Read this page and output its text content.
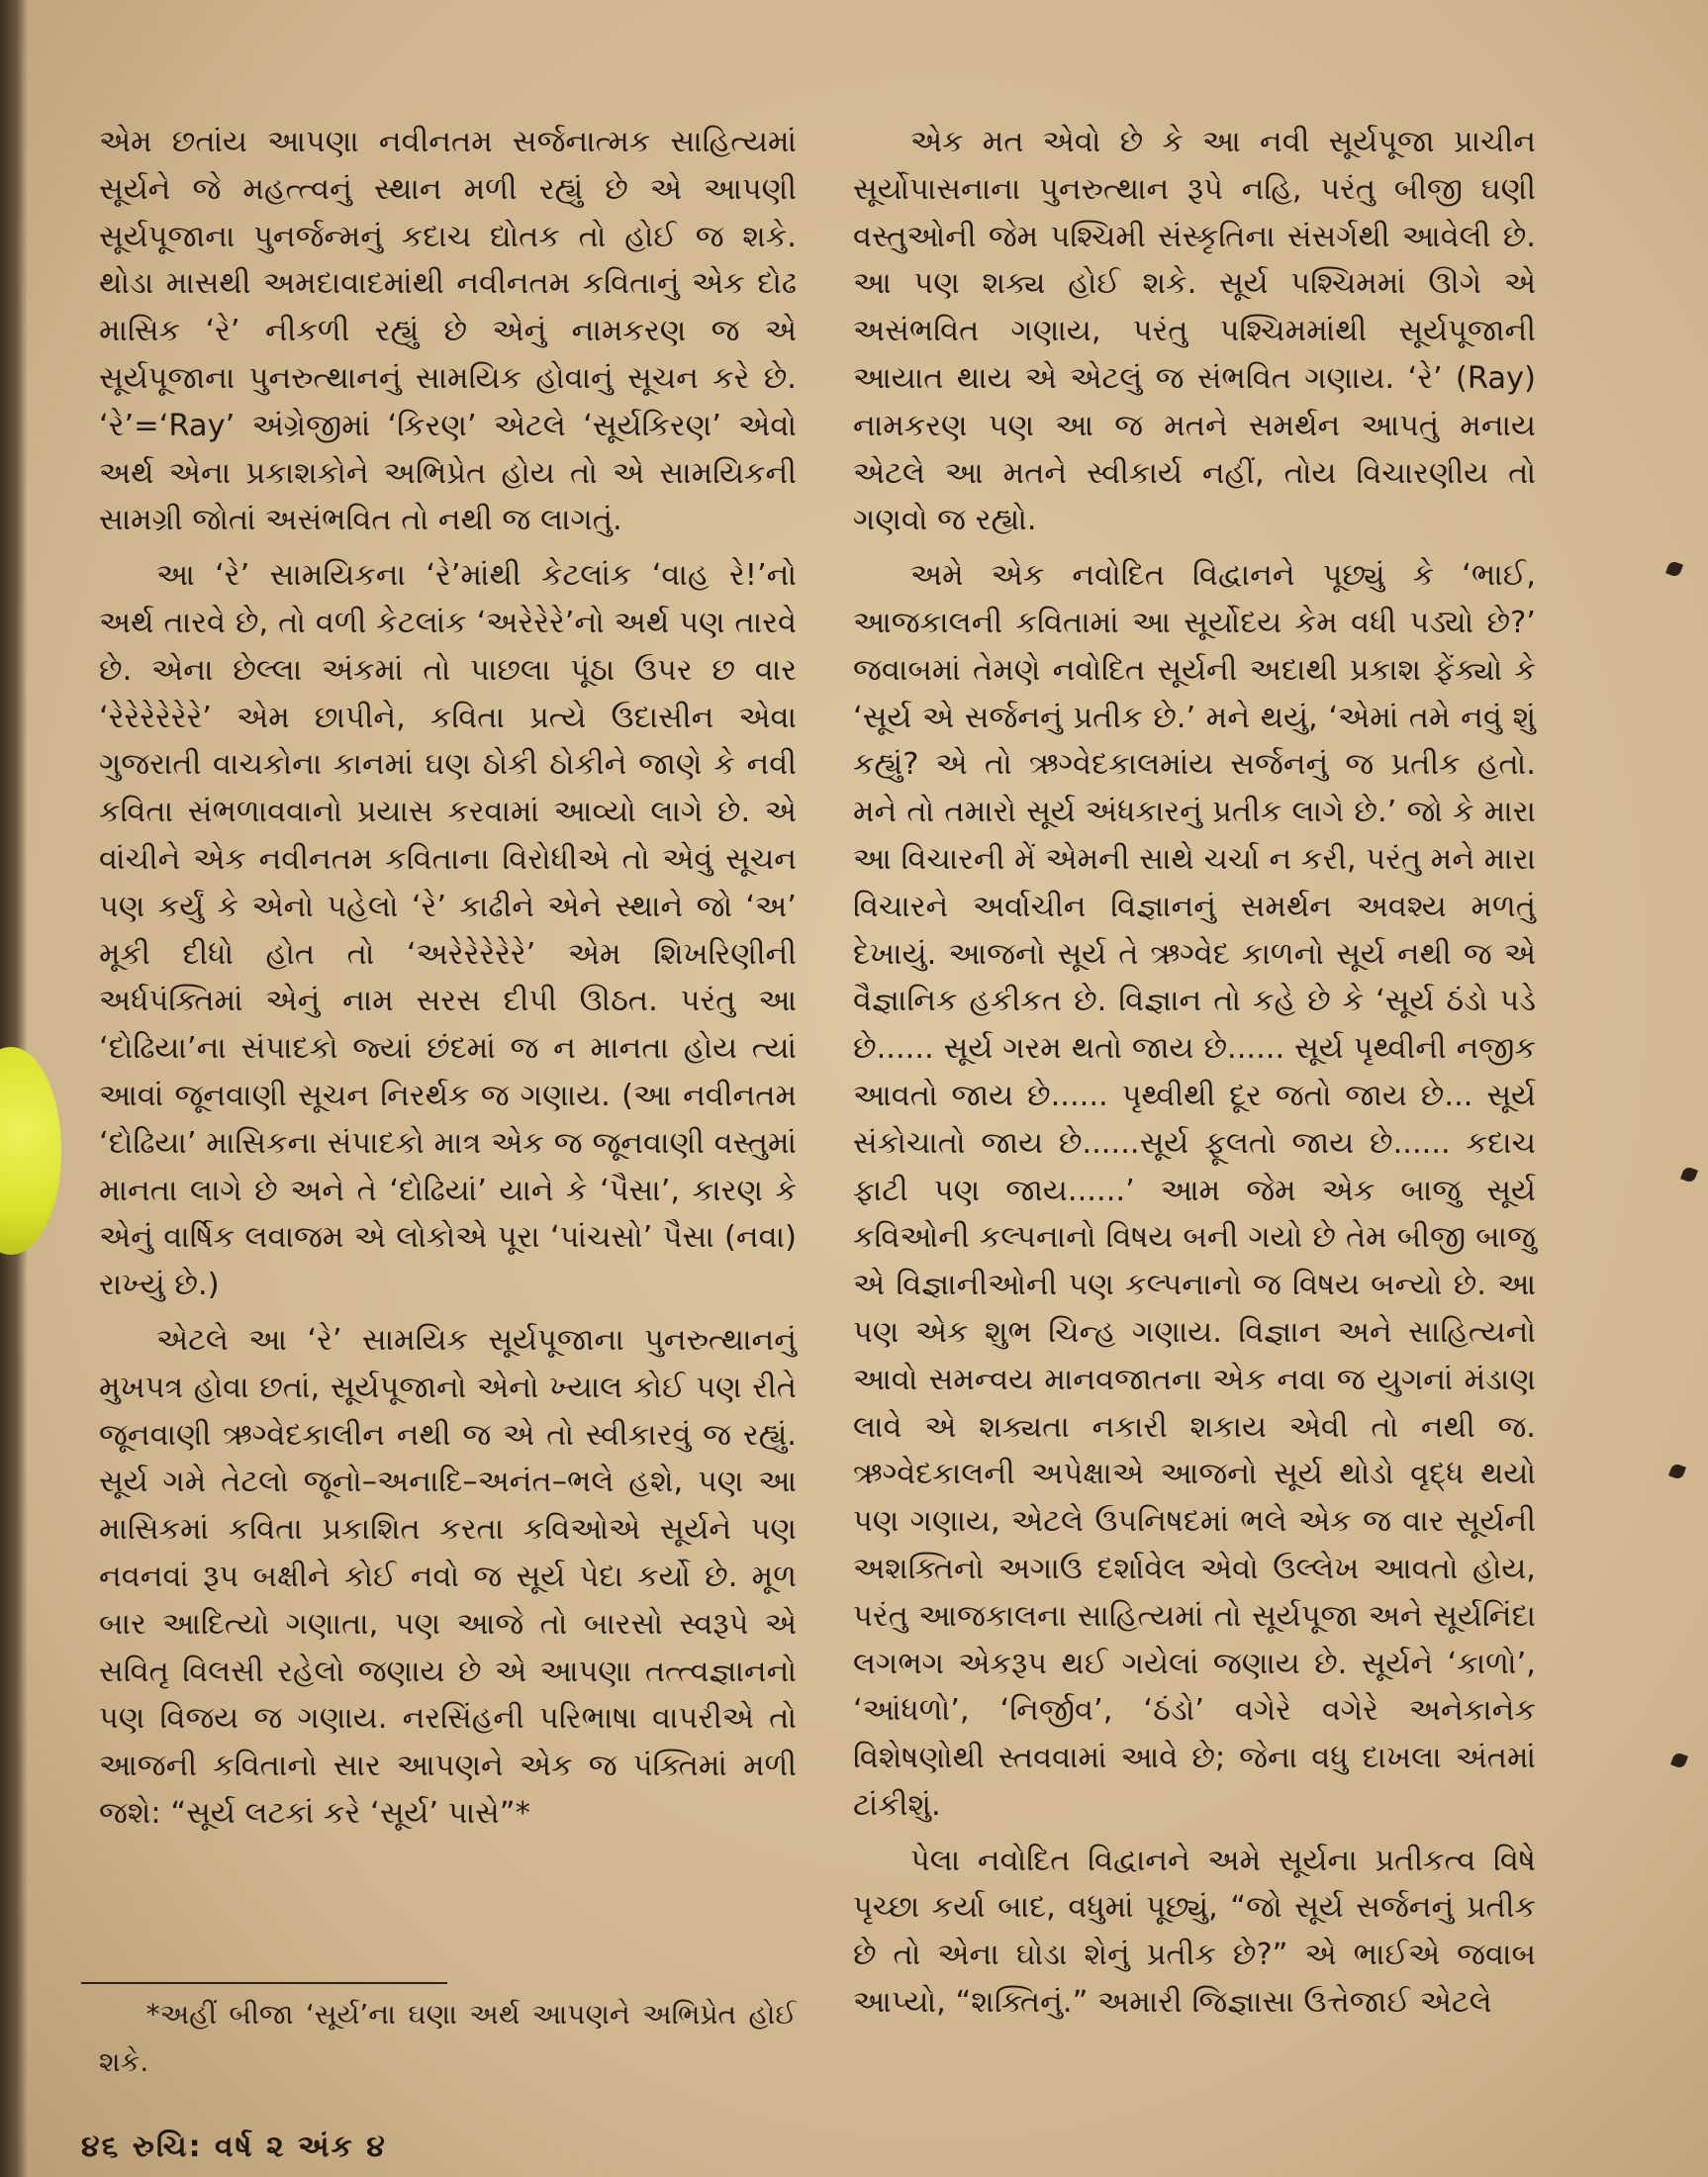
એમ છતાંય આપણા નવીનતમ સર્જનાત્મક સાહિત્યમાં સૂર્યને જે મહત્ત્વનું સ્થાન મળી રહ્યું છે એ આપણી સૂર્યપૂજાના પુનર્જન્મનું કદાચ દ્યોતક તો હોઈ જ શકે. થોડા માસથી અમદાવાદમાંથી નવીનતમ કવિતાનું એક દોઢ માસિક ‘રે’ નીકળી રહ્યું છે એનું નામકરણ જ એ સૂર્યપૂજાના પુનરુત્થાનનું સામયિક હોવાનું સૂચન કરે છે. ‘રે’=‘Ray’ અંગ્રેજીમાં ‘કિરણ’ એટલે ‘સૂર્યકિરણ’ એવો અર્થ એના પ્રકાશકોને અભિપ્રેત હોય તો એ સામયિકની સામગ્રી જોતાં અસંભવિત તો નથી જ લાગતું.

આ ‘રે’ સામયિકના ‘રે’માંથી કેટલાંક ‘વાહ રે!’નો અર્થ તારવે છે, તો વળી કેટલાંક ‘અરેરેરે’નો અર્થ પણ તારવે છે. એના છેલ્લા અંકમાં તો પાછલા પૂંઠા ઉપર છ વાર ‘રેરેરેરેરેરે’ એમ છાપીને, કવિતા પ્રત્યે ઉદાસીન એવા ગુજરાતી વાચકોના કાનમાં ઘણ ઠોકી ઠોકીને જાણે કે નવી કવિતા સંભળાવવાનો પ્રયાસ કરવામાં આવ્યો લાગે છે. એ વાંચીને એક નવીનતમ કવિતાના વિરોધીએ તો એવું સૂચન પણ કર્યું કે એનો પહેલો ‘રે’ કાઢીને એને સ્થાને જો ‘અ’ મૂકી દીધો હોત તો ‘અરેરેરેરેરે’ એમ શિખરિણીની અર્ધપંક્તિમાં એનું નામ સરસ દીપી ઊઠત. પરંતુ આ ‘દોઢિયા’ના સંપાદકો જ્યાં છંદમાં જ ન માનતા હોય ત્યાં આવાં જૂનવાણી સૂચન નિરર્થક જ ગણાય. (આ નવીનતમ ‘દોઢિયા’ માસિકના સંપાદકો માત્ર એક જ જૂનવાણી વસ્તુમાં માનતા લાગે છે અને તે ‘દોઢિયાં’ યાને કે ‘પૈસા’, કારણ કે એનું વાર્ષિક લવાજમ એ લોકોએ પૂરા ‘પાંચસો’ પૈસા (નવા) રાખ્યું છે.)

એટલે આ ‘રે’ સામયિક સૂર્યપૂજાના પુનરુત્થાનનું મુખપત્ર હોવા છતાં, સૂર્યપૂજાનો એનો ખ્યાલ કોઈ પણ રીતે જૂનવાણી ઋગ્વેદકાલીન નથી જ એ તો સ્વીકારવું જ રહ્યું. સૂર્ય ગમે તેટલો જૂનો–અનાદિ–અનંત–ભલે હશે, પણ આ માસિકમાં કવિતા પ્રકાશિત કરતા કવિઓએ સૂર્યને પણ નવનવાં રૂપ બક્ષીને કોઈ નવો જ સૂર્ય પેદા કર્યો છે. મૂળ બાર આદિત્યો ગણાતા, પણ આજે તો બારસો સ્વરૂપે એ સવિતૃ વિલસી રહેલો જણાય છે એ આપણા તત્ત્વજ્ઞાનનો પણ વિજય જ ગણાય. નરસિંહની પરિભાષા વાપરીએ તો આજની કવિતાનો સાર આપણને એક જ પંક્તિમાં મળી જશે: “સૂર્ય લટકાં કરે ‘સૂર્ય’ પાસે”*

એક મત એવો છે કે આ નવી સૂર્યપૂજા પ્રાચીન સૂર્યોપાસનાના પુનરુત્થાન રૂપે નહિ, પરંતુ બીજી ઘણી વસ્તુઓની જેમ પશ્ચિમી સંસ્કૃતિના સંસર્ગથી આવેલી છે. આ પણ શક્ય હોઈ શકે. સૂર્ય પશ્ચિમમાં ઊગે એ અસંભવિત ગણાય, પરંતુ પશ્ચિમમાંથી સૂર્યપૂજાની આયાત થાય એ એટલું જ સંભવિત ગણાય. ‘રે’ (Ray) નામકરણ પણ આ જ મતને સમર્થન આપતું મનાય એટલે આ મતને સ્વીકાર્ય નહીં, તોય વિચારણીય તો ગણવો જ રહ્યો.

અમે એક નવોદિત વિદ્વાનને પૂછ્યું કે ‘ભાઈ, આજકાલની કવિતામાં આ સૂર્યોદય કેમ વધી પડ્યો છે?’ જવાબમાં તેમણે નવોદિત સૂર્યની અદાથી પ્રકાશ ફેંક્યો કે ‘સૂર્ય એ સર્જનનું પ્રતીક છે.’ મને થયું, ‘એમાં તમે નવું શું કહ્યું? એ તો ઋગ્વેદકાલમાંય સર્જનનું જ પ્રતીક હતો. મને તો તમારો સૂર્ય અંધકારનું પ્રતીક લાગે છે.’ જો કે મારા આ વિચારની મેં એમની સાથે ચર્ચા ન કરી, પરંતુ મને મારા વિચારને અર્વાચીન વિજ્ઞાનનું સમર્થન અવશ્ય મળતું દેખાયું. આજનો સૂર્ય તે ઋગ્વેદ કાળનો સૂર્ય નથી જ એ વૈજ્ઞાનિક હકીકત છે. વિજ્ઞાન તો કહે છે કે ‘સૂર્ય ઠંડો પડે છે...... સૂર્ય ગરમ થતો જાય છે...... સૂર્ય પૃથ્વીની નજીક આવતો જાય છે...... પૃથ્વીથી દૂર જતો જાય છે... સૂર્ય સંકોચાતો જાય છે......સૂર્ય ફૂલતો જાય છે...... કદાચ ફાટી પણ જાય......’ આમ જેમ એક બાજુ સૂર્ય કવિઓની કલ્પનાનો વિષય બની ગયો છે તેમ બીજી બાજુ એ વિજ્ઞાનીઓની પણ કલ્પનાનો જ વિષય બન્યો છે. આ પણ એક શુભ ચિન્હ ગણાય. વિજ્ઞાન અને સાહિત્યનો આવો સમન્વય માનવજાતના એક નવા જ યુગનાં મંડાણ લાવે એ શક્યતા નકારી શકાય એવી તો નથી જ. ઋગ્વેદકાલની અપેક્ષાએ આજનો સૂર્ય થોડો વૃદ્ધ થયો પણ ગણાય, એટલે ઉપનિષદમાં ભલે એક જ વાર સૂર્યની અશક્તિનો અગાઉ દર્શાવેલ એવો ઉલ્લેખ આવતો હોય, પરંતુ આજકાલના સાહિત્યમાં તો સૂર્યપૂજા અને સૂર્યનિંદા લગભગ એકરૂપ થઈ ગયેલાં જણાય છે. સૂર્યને ‘કાળો’, ‘આંધળો’, ‘નિર્જીવ’, ‘ઠંડો’ વગેરે વગેરે અનેકાનેક વિશેષણોથી સ્તવવામાં આવે છે; જેના વધુ દાખલા અંતમાં ટાંકીશું.

પેલા નવોદિત વિદ્વાનને અમે સૂર્યના પ્રતીકત્વ વિષે પૃચ્છા કર્યા બાદ, વધુમાં પૂછ્યું, “જો સૂર્ય સર્જનનું પ્રતીક છે તો એના ઘોડા શેનું પ્રતીક છે?” એ ભાઈએ જવાબ આપ્યો, “શક્તિનું.” અમારી જિજ્ઞાસા ઉત્તેજાઈ એટલે

*અહીં બીજા ‘સૂર્ય’ના ઘણા અર્થ આપણને અભિપ્રેત હોઈ શકે.
૪૬ રુચિ: વર્ષ ૨ અંક ૪
